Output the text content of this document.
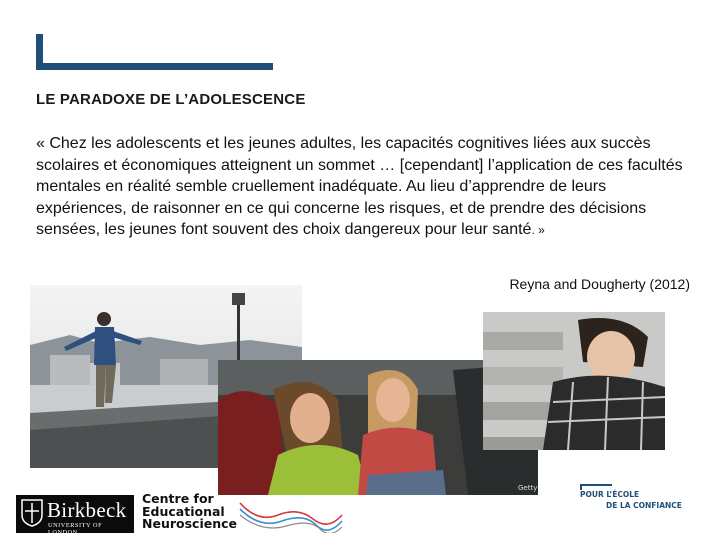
LE PARADOXE DE L’ADOLESCENCE
« Chez les adolescents et les jeunes adultes, les capacités cognitives liées aux succès scolaires et économiques atteignent un sommet … [cependant] l’application de ces facultés mentales en réalité semble cruellement inadéquate. Au lieu d’apprendre de leurs expériences, de raisonner en ce qui concerne les risques, et de prendre des décisions sensées, les jeunes font souvent des choix dangereux pour leur santé. »
Reyna and Dougherty (2012)
Getty
Birkbeck
UNIVERSITY OF LONDON
Centre for
Educational
Neuroscience
POUR L’ÉCOLE
DE LA CONFIANCE
